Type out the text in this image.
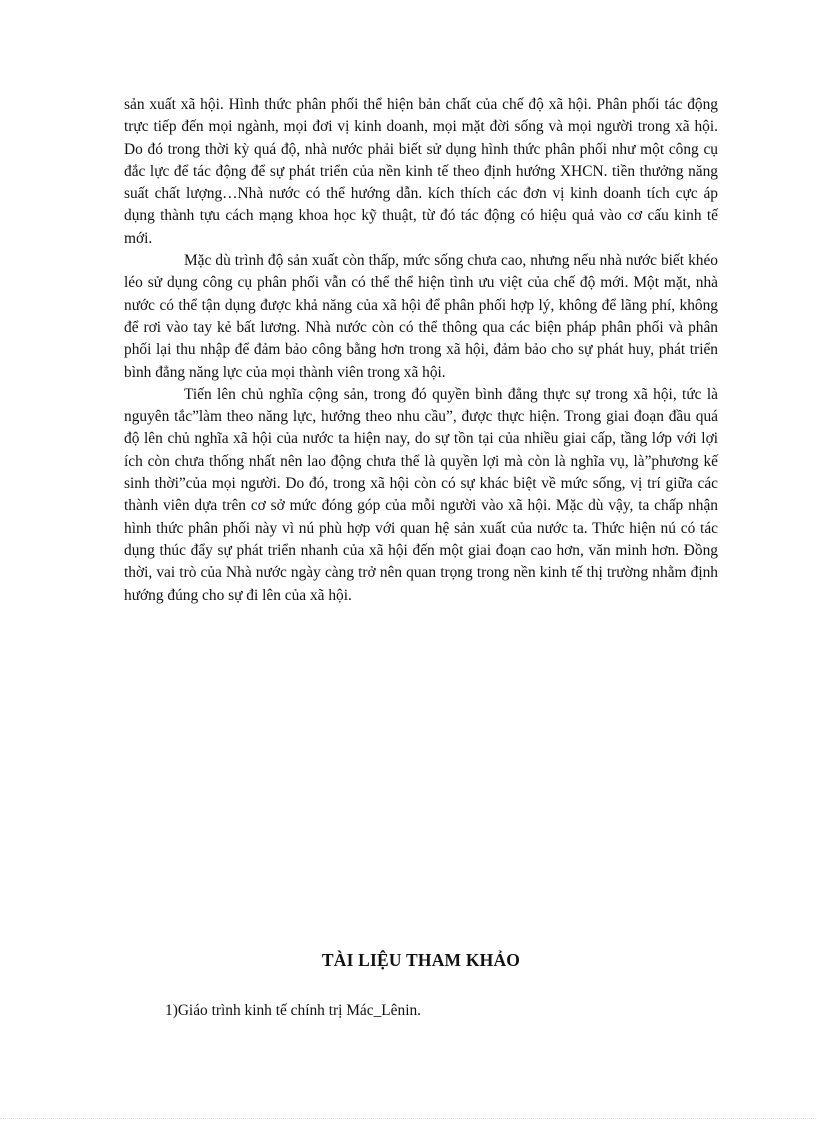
sản xuất xã hội. Hình thức phân phối thể hiện bản chất của chế độ xã hội. Phân phối tác động trực tiếp đến mọi ngành, mọi đơi vị kinh doanh, mọi mặt đời sống và mọi người trong xã hội. Do đó trong thời kỳ quá độ, nhà nước phải biết sử dụng hình thức phân phối như một công cụ đắc lực để tác động để sự phát triển của nền kinh tế theo định hướng XHCN. tiền thưởng năng suất chất lượng…Nhà nước có thể hướng dẫn. kích thích các đơn vị kinh doanh tích cực áp dụng thành tựu cách mạng khoa học kỹ thuật, từ đó tác động có hiệu quả vào cơ cấu kinh tế mới.

Mặc dù trình độ sản xuất còn thấp, mức sống chưa cao, nhưng nếu nhà nước biết khéo léo sử dụng công cụ phân phối vẫn có thể thể hiện tình ưu việt của chế độ mới. Một mặt, nhà nước có thể tận dụng được khả năng của xã hội để phân phối hợp lý, không để lãng phí, không để rơi vào tay kẻ bất lương. Nhà nước còn có thể thông qua các biện pháp phân phối và phân phối lại thu nhập để đảm bảo công bằng hơn trong xã hội, đảm bảo cho sự phát huy, phát triển bình đẳng năng lực của mọi thành viên trong xã hội.

Tiến lên chủ nghĩa cộng sản, trong đó quyền bình đẳng thực sự trong xã hội, tức là nguyên tắc”làm theo năng lực, hưởng theo nhu cầu”, được thực hiện. Trong giai đoạn đầu quá độ lên chủ nghĩa xã hội của nước ta hiện nay, do sự tồn tại của nhiều giai cấp, tầng lớp với lợi ích còn chưa thống nhất nên lao động chưa thể là quyền lợi mà còn là nghĩa vụ, là”phương kế sinh thời”của mọi người. Do đó, trong xã hội còn có sự khác biệt về mức sống, vị trí giữa các thành viên dựa trên cơ sở mức đóng góp của mỗi người vào xã hội. Mặc dù vậy, ta chấp nhận hình thức phân phối này vì nú phù hợp với quan hệ sản xuất của nước ta. Thức hiện nú có tác dụng thúc đẩy sự phát triển nhanh của xã hội đến một giai đoạn cao hơn, văn minh hơn. Đồng thời, vai trò của Nhà nước ngày càng trở nên quan trọng trong nền kinh tế thị trường nhằm định hướng đúng cho sự đi lên của xã hội.

TÀI LIỆU THAM KHẢO
1)Giáo trình kinh tế chính trị Mác_Lênin.
